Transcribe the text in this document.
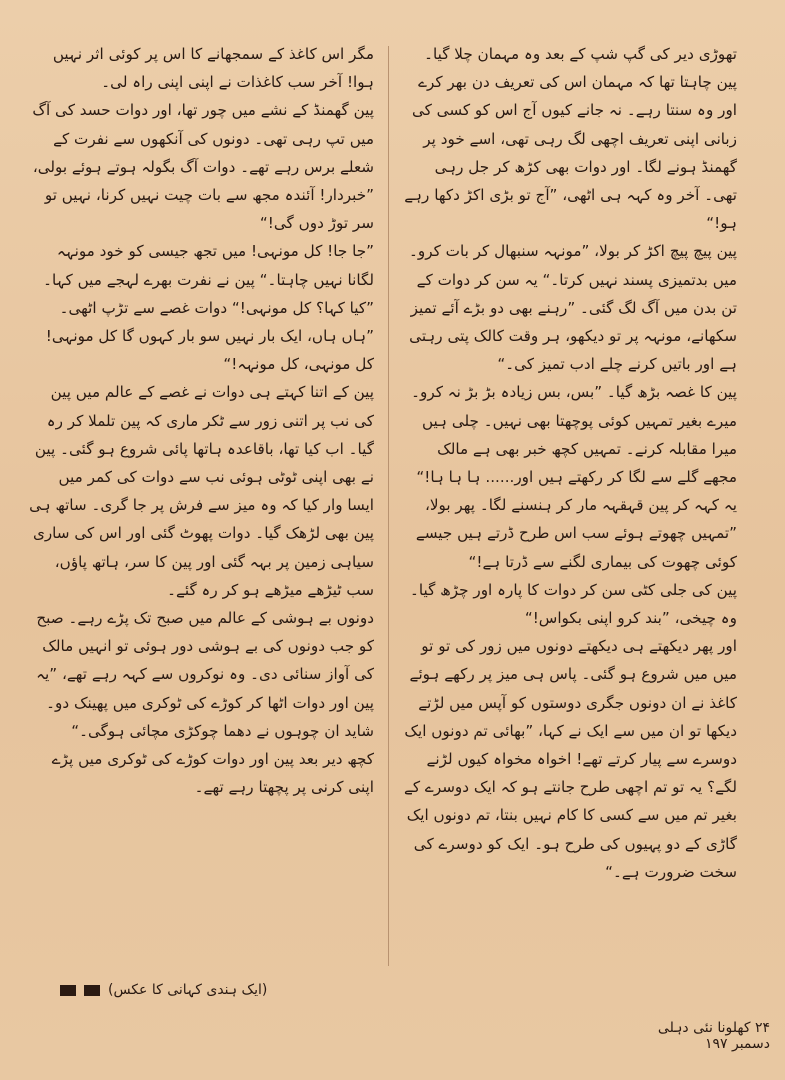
تھوڑی دیر کی گپ شپ کے بعد وہ مہمان چلا گیا۔

پین چاہتا تھا کہ مہمان اس کی تعریف دن بھر کرے اور وہ سنتا رہے۔ نہ جانے کیوں آج اس کو کسی کی زبانی اپنی تعریف اچھی لگ رہی تھی، اسے خود پر گھمنڈ ہونے لگا۔ اور دوات بھی کڑھ کر جل رہی تھی۔ آخر وہ کہہ ہی اٹھی، ”آج تو بڑی اکڑ دکھا رہے ہو!“

پین پیچ پیچ اکڑ کر بولا، ”مونہہ سنبھال کر بات کرو۔ میں بدتمیزی پسند نہیں کرتا۔“ یہ سن کر دوات کے تن بدن میں آگ لگ گئی۔ ”رہنے بھی دو بڑے آئے تمیز سکھانے، مونہہ پر تو دیکھو، ہر وقت کالک پتی رہتی ہے اور باتیں کرنے چلے ادب تمیز کی۔“

پین کا غصہ بڑھ گیا۔ ”بس، بس زیادہ بڑ بڑ نہ کرو۔ میرے بغیر تمہیں کوئی پوچھتا بھی نہیں۔ چلی ہیں میرا مقابلہ کرنے۔ تمہیں کچھ خبر بھی ہے مالک مجھے گلے سے لگا کر رکھتے ہیں اور...... ہا ہا ہا!“ یہ کہہ کر پین قہقہہ مار کر ہنسنے لگا۔ پھر بولا، ”تمہیں چھوتے ہوئے سب اس طرح ڈرتے ہیں جیسے کوئی چھوت کی بیماری لگنے سے ڈرتا ہے!“

پین کی جلی کٹی سن کر دوات کا پارہ اور چڑھ گیا۔ وہ چیخی، ”بند کرو اپنی بکواس!“

اور پھر دیکھتے ہی دیکھتے دونوں میں زور کی تو تو میں میں شروع ہو گئی۔ پاس ہی میز پر رکھے ہوئے کاغذ نے ان دونوں جگری دوستوں کو آپس میں لڑتے دیکھا تو ان میں سے ایک نے کہا، ”بھائی تم دونوں ایک دوسرے سے پیار کرتے تھے! اخواہ مخواہ کیوں لڑنے لگے؟ یہ تو تم اچھی طرح جانتے ہو کہ ایک دوسرے کے بغیر تم میں سے کسی کا کام نہیں بنتا، تم دونوں ایک گاڑی کے دو پہیوں کی طرح ہو۔ ایک کو دوسرے کی سخت ضرورت ہے۔“

مگر اس کاغذ کے سمجھانے کا اس پر کوئی اثر نہیں ہوا! آخر سب کاغذات نے اپنی اپنی راہ لی۔

پین گھمنڈ کے نشے میں چور تھا، اور دوات حسد کی آگ میں تپ رہی تھی۔ دونوں کی آنکھوں سے نفرت کے شعلے برس رہے تھے۔ دوات آگ بگولہ ہوتے ہوئے بولی، ”خبردار! آئندہ مجھ سے بات چیت نہیں کرنا، نہیں تو سر توڑ دوں گی!“

”جا جا! کل مونہی! میں تجھ جیسی کو خود مونہہ لگانا نہیں چاہتا۔“ پین نے نفرت بھرے لہجے میں کہا۔

”کیا کہا؟ کل مونہی!“ دوات غصے سے تڑپ اٹھی۔

”ہاں ہاں، ایک بار نہیں سو بار کہوں گا کل مونہی! کل مونہی، کل مونہہ!“

پین کے اتنا کہتے ہی دوات نے غصے کے عالم میں پین کی نب پر اتنی زور سے ٹکر ماری کہ پین تلملا کر رہ گیا۔ اب کیا تھا، باقاعدہ ہاتھا پائی شروع ہو گئی۔ پین نے بھی اپنی ٹوٹی ہوئی نب سے دوات کی کمر میں ایسا وار کیا کہ وہ میز سے فرش پر جا گری۔ ساتھ ہی پین بھی لڑھک گیا۔ دوات پھوٹ گئی اور اس کی ساری سیاہی زمین پر بہہ گئی اور پین کا سر، ہاتھ پاؤں، سب ٹیڑھے میڑھے ہو کر رہ گئے۔

دونوں بے ہوشی کے عالم میں صبح تک پڑے رہے۔ صبح کو جب دونوں کی بے ہوشی دور ہوئی تو انہیں مالک کی آواز سنائی دی۔ وہ نوکروں سے کہہ رہے تھے، ”یہ پین اور دوات اٹھا کر کوڑے کی ٹوکری میں پھینک دو۔ شاید ان چوہوں نے دھما چوکڑی مچائی ہوگی۔“

کچھ دیر بعد پین اور دوات کوڑے کی ٹوکری میں پڑے اپنی کرنی پر پچھتا رہے تھے۔

(ایک ہندی کہانی کا عکس)
۲۴ کھلونا نئی دہلی دسمبر ۱۹۷
